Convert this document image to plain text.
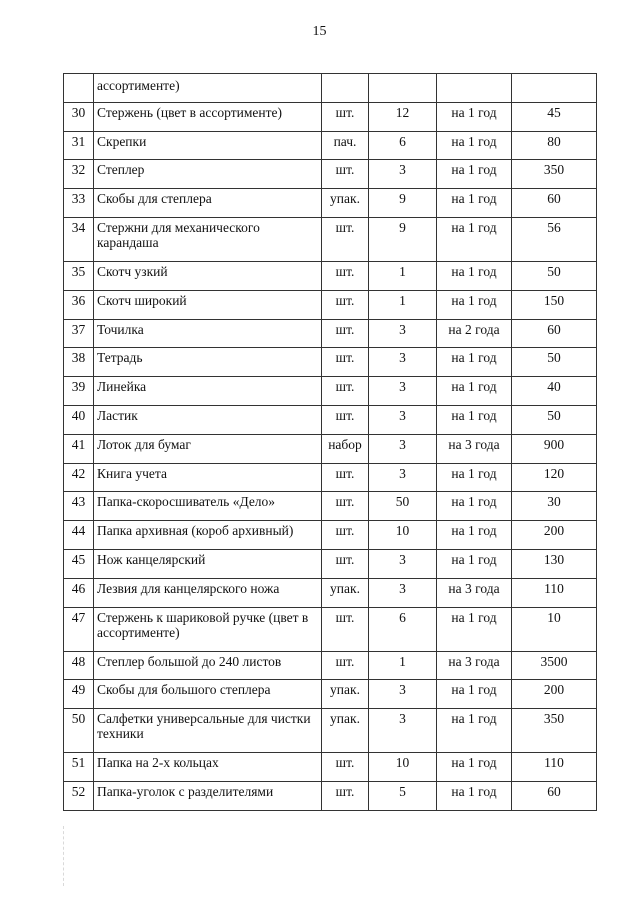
15
	ассортименте)				
30	Стержень (цвет в ассортименте)	шт.	12	на 1 год	45
31	Скрепки	пач.	6	на 1 год	80
32	Степлер	шт.	3	на 1 год	350
33	Скобы для степлера	упак.	9	на 1 год	60
34	Стержни для механического карандаша	шт.	9	на 1 год	56
35	Скотч узкий	шт.	1	на 1 год	50
36	Скотч широкий	шт.	1	на 1 год	150
37	Точилка	шт.	3	на 2 года	60
38	Тетрадь	шт.	3	на 1 год	50
39	Линейка	шт.	3	на 1 год	40
40	Ластик	шт.	3	на 1 год	50
41	Лоток для бумаг	набор	3	на 3 года	900
42	Книга учета	шт.	3	на 1 год	120
43	Папка-скоросшиватель «Дело»	шт.	50	на 1 год	30
44	Папка архивная (короб архивный)	шт.	10	на 1 год	200
45	Нож канцелярский	шт.	3	на 1 год	130
46	Лезвия для канцелярского ножа	упак.	3	на 3 года	110
47	Стержень к шариковой ручке (цвет в ассортименте)	шт.	6	на 1 год	10
48	Степлер большой до 240 листов	шт.	1	на 3 года	3500
49	Скобы для большого степлера	упак.	3	на 1 год	200
50	Салфетки универсальные для чистки техники	упак.	3	на 1 год	350
51	Папка на 2-х кольцах	шт.	10	на 1 год	110
52	Папка-уголок с разделителями	шт.	5	на 1 год	60
